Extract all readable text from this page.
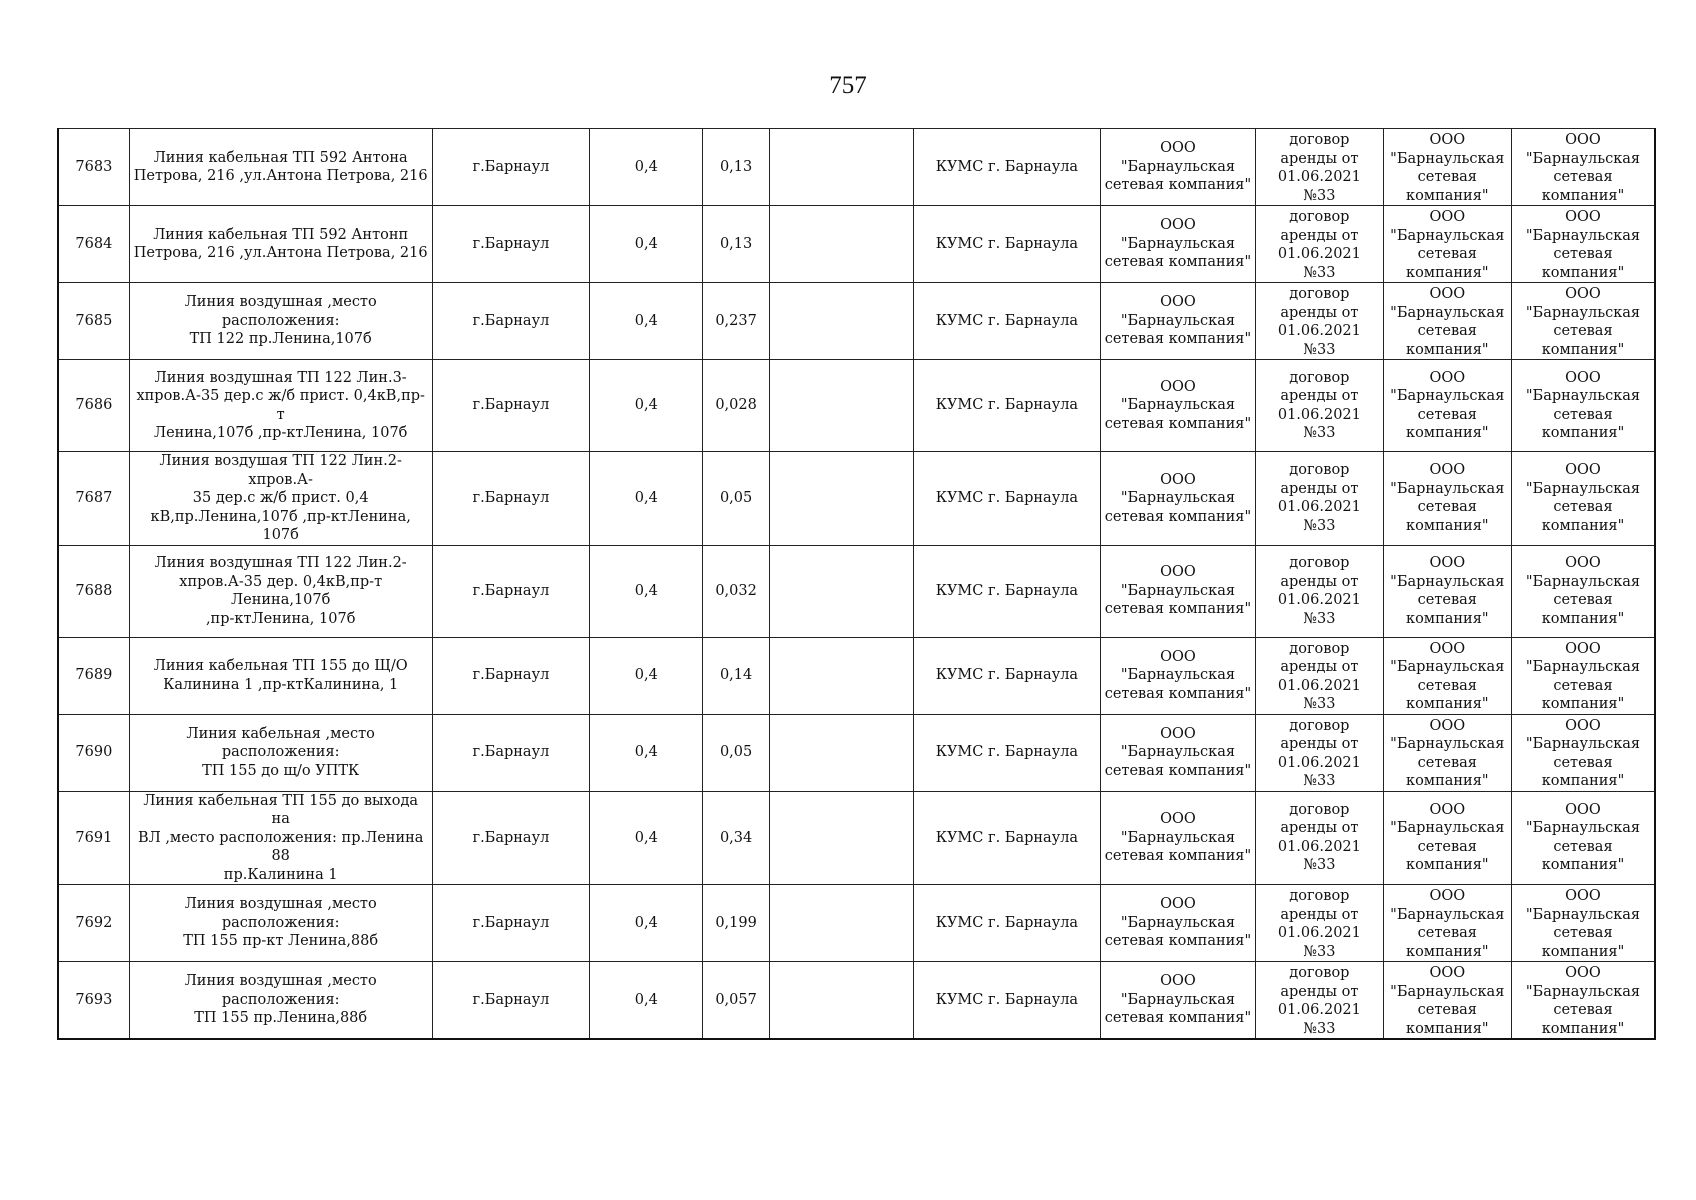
757
7683	Линия кабельная ТП 592 Антона
Петрова, 216 ,ул.Антона Петрова, 216	г.Барнаул	0,4	0,13		КУМС г. Барнаула	ООО
"Барнаульская
сетевая компания"	договор
аренды от
01.06.2021
№33	ООО
"Барнаульская
сетевая
компания"	ООО
"Барнаульская
сетевая
компания"
7684	Линия кабельная ТП 592 Антонп
Петрова, 216 ,ул.Антона Петрова, 216	г.Барнаул	0,4	0,13		КУМС г. Барнаула	ООО
"Барнаульская
сетевая компания"	договор
аренды от
01.06.2021
№33	ООО
"Барнаульская
сетевая
компания"	ООО
"Барнаульская
сетевая
компания"
7685	Линия воздушная ,место расположения:
ТП 122 пр.Ленина,107б	г.Барнаул	0,4	0,237		КУМС г. Барнаула	ООО
"Барнаульская
сетевая компания"	договор
аренды от
01.06.2021
№33	ООО
"Барнаульская
сетевая
компания"	ООО
"Барнаульская
сетевая
компания"
7686	Линия воздушная ТП 122 Лин.3-
хпров.А-35 дер.с ж/б прист. 0,4кВ,пр-т
Ленина,107б ,пр-ктЛенина, 107б	г.Барнаул	0,4	0,028		КУМС г. Барнаула	ООО
"Барнаульская
сетевая компания"	договор
аренды от
01.06.2021
№33	ООО
"Барнаульская
сетевая
компания"	ООО
"Барнаульская
сетевая
компания"
7687	Линия воздушая ТП 122 Лин.2-хпров.А-
35 дер.с ж/б прист. 0,4
кВ,пр.Ленина,107б ,пр-ктЛенина, 107б	г.Барнаул	0,4	0,05		КУМС г. Барнаула	ООО
"Барнаульская
сетевая компания"	договор
аренды от
01.06.2021
№33	ООО
"Барнаульская
сетевая
компания"	ООО
"Барнаульская
сетевая
компания"
7688	Линия воздушная ТП 122 Лин.2-
хпров.А-35 дер. 0,4кВ,пр-т Ленина,107б
,пр-ктЛенина, 107б	г.Барнаул	0,4	0,032		КУМС г. Барнаула	ООО
"Барнаульская
сетевая компания"	договор
аренды от
01.06.2021
№33	ООО
"Барнаульская
сетевая
компания"	ООО
"Барнаульская
сетевая
компания"
7689	Линия кабельная ТП 155 до Щ/О
Калинина 1 ,пр-ктКалинина, 1	г.Барнаул	0,4	0,14		КУМС г. Барнаула	ООО
"Барнаульская
сетевая компания"	договор
аренды от
01.06.2021
№33	ООО
"Барнаульская
сетевая
компания"	ООО
"Барнаульская
сетевая
компания"
7690	Линия кабельная ,место расположения:
ТП 155 до щ/о УПТК	г.Барнаул	0,4	0,05		КУМС г. Барнаула	ООО
"Барнаульская
сетевая компания"	договор
аренды от
01.06.2021
№33	ООО
"Барнаульская
сетевая
компания"	ООО
"Барнаульская
сетевая
компания"
7691	Линия кабельная ТП 155 до выхода на
ВЛ ,место расположения: пр.Ленина 88
пр.Калинина 1	г.Барнаул	0,4	0,34		КУМС г. Барнаула	ООО
"Барнаульская
сетевая компания"	договор
аренды от
01.06.2021
№33	ООО
"Барнаульская
сетевая
компания"	ООО
"Барнаульская
сетевая
компания"
7692	Линия воздушная ,место расположения:
ТП 155 пр-кт Ленина,88б	г.Барнаул	0,4	0,199		КУМС г. Барнаула	ООО
"Барнаульская
сетевая компания"	договор
аренды от
01.06.2021
№33	ООО
"Барнаульская
сетевая
компания"	ООО
"Барнаульская
сетевая
компания"
7693	Линия воздушная ,место расположения:
ТП 155 пр.Ленина,88б	г.Барнаул	0,4	0,057		КУМС г. Барнаула	ООО
"Барнаульская
сетевая компания"	договор
аренды от
01.06.2021
№33	ООО
"Барнаульская
сетевая
компания"	ООО
"Барнаульская
сетевая
компания"
